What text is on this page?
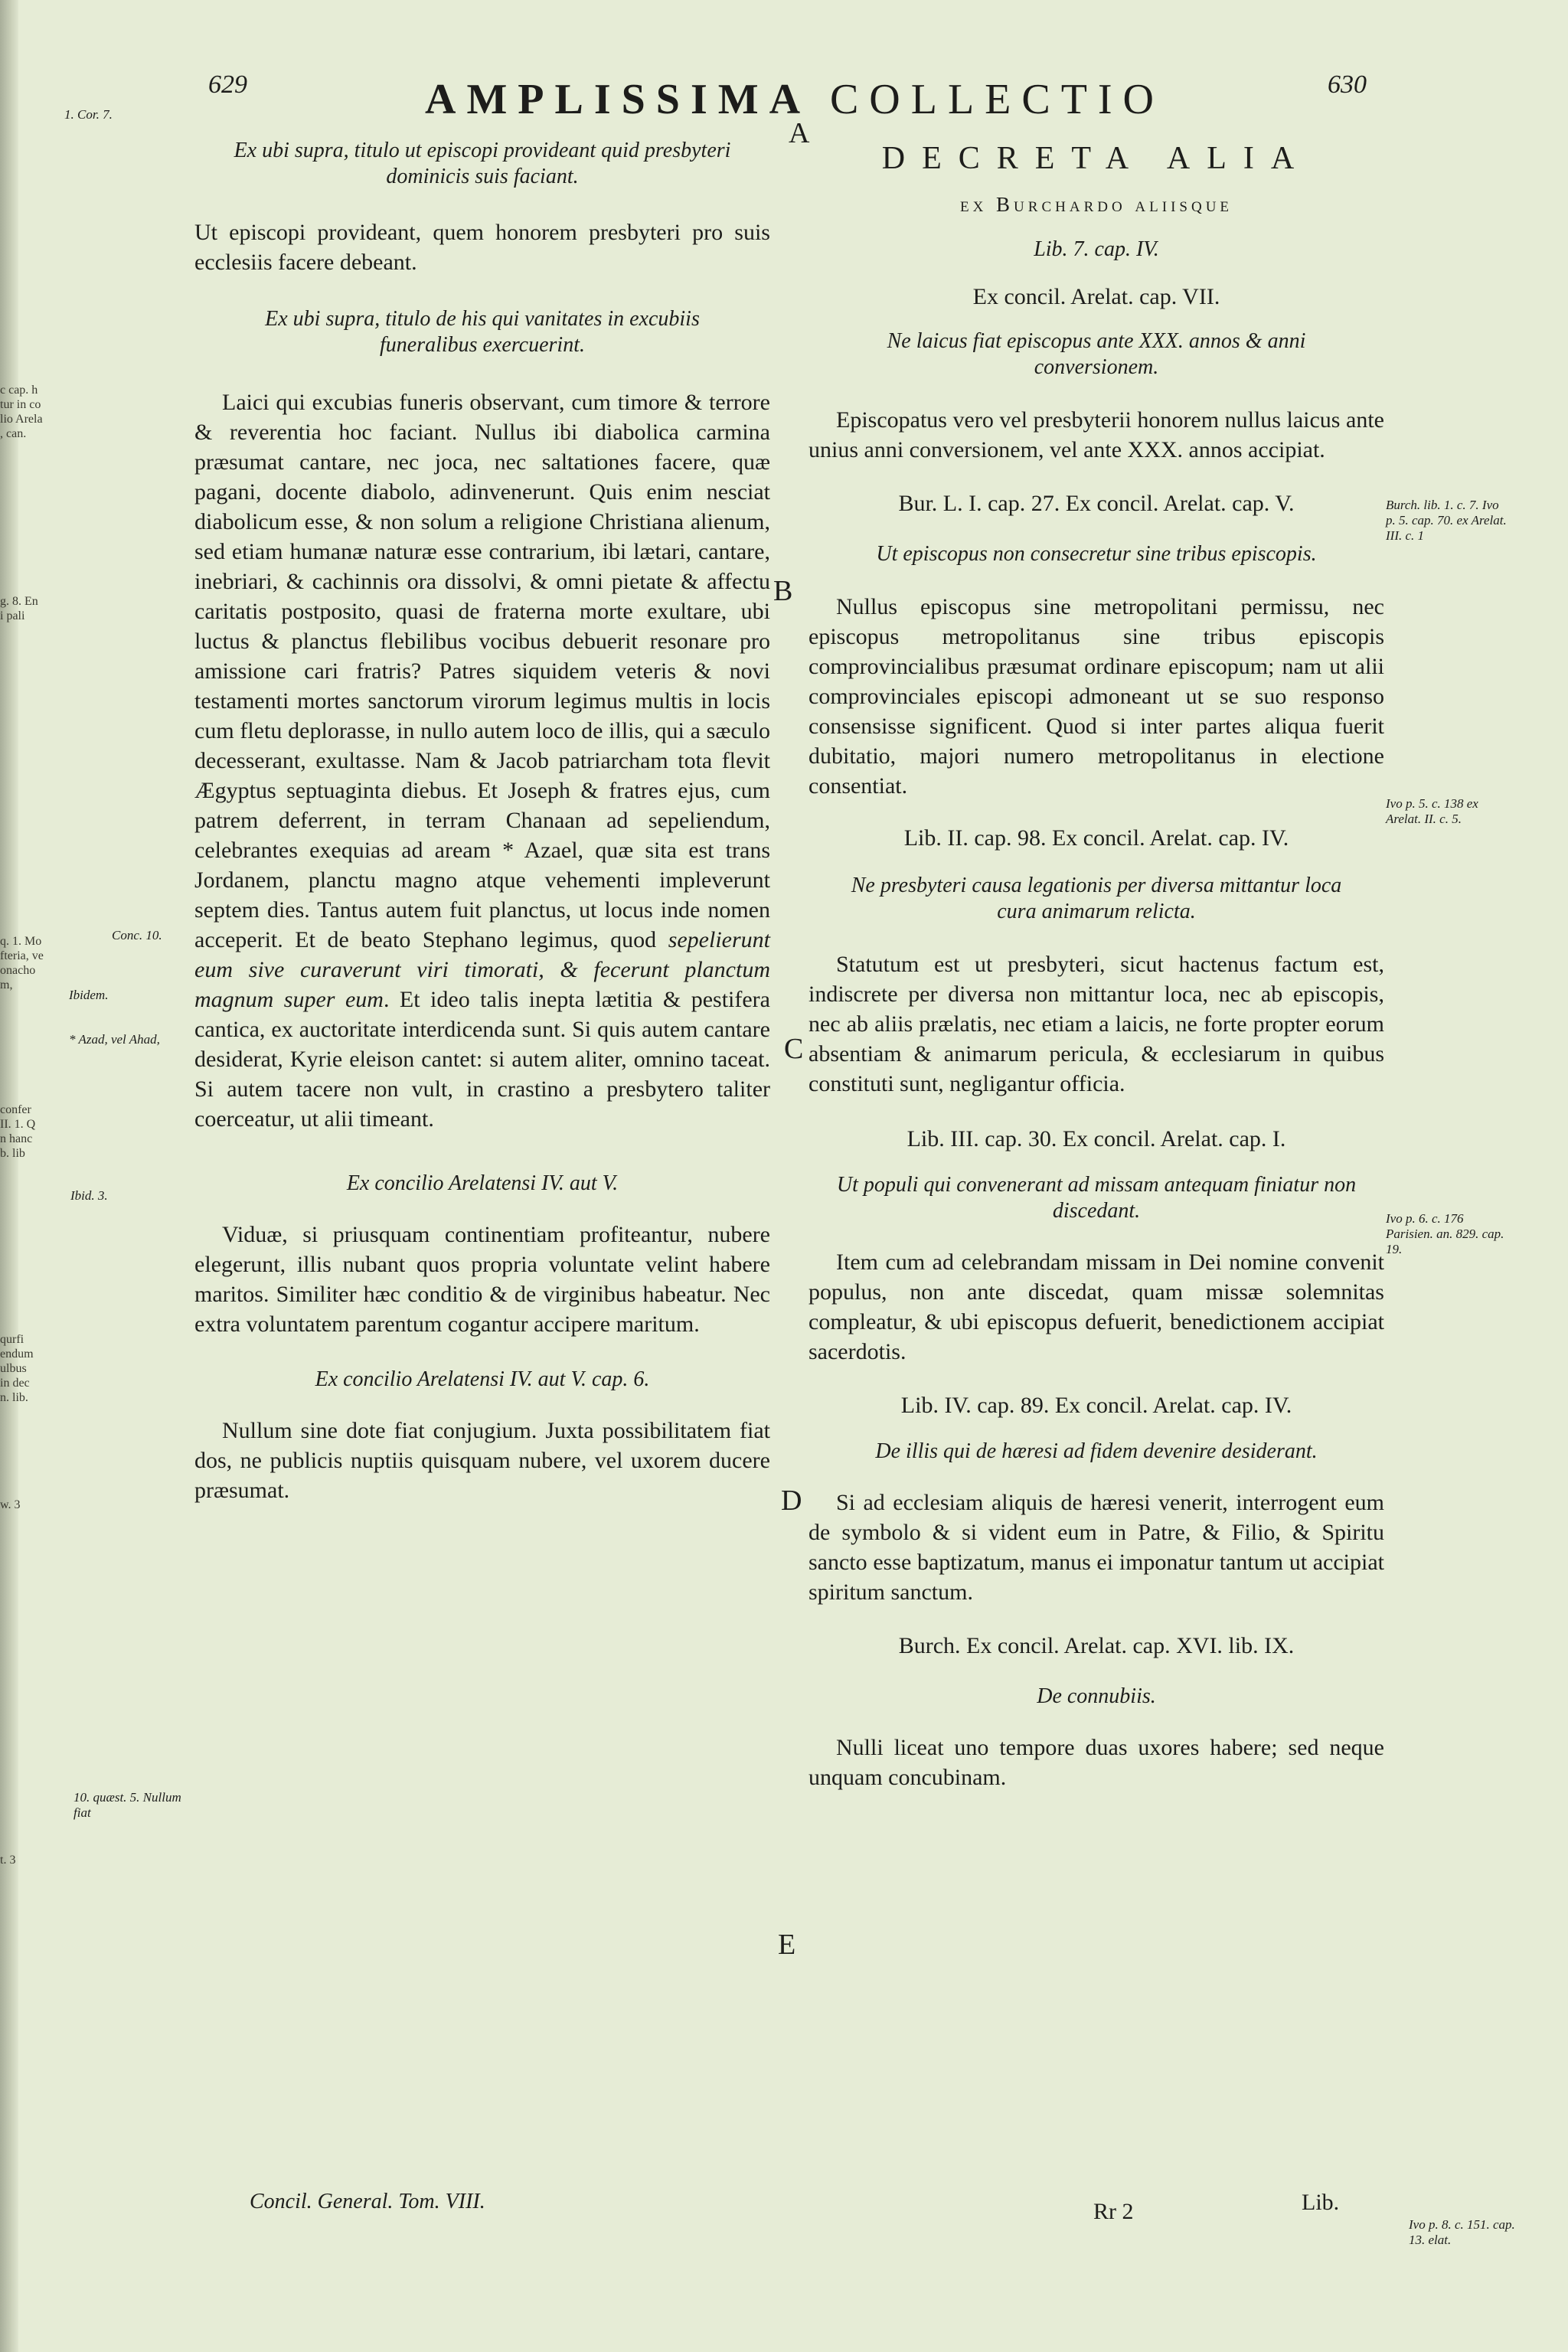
c cap. h
tur in co
lio Arela
, can.
g. 8. En
i pali
q. 1. Mo
fteria, ve
onacho
m,
confer
II. 1. Q
n hanc
b. lib
qurfi
endum
ulbus
in dec
n. lib.
w. 3
t. 3
629	AMPLISSIMA COLLECTIO	630
1. Cor. 7.
Conc. 10.
Ibidem.
* Azad, vel Ahad,
Ibid. 3.
10. quæst. 5. Nullum fiat
A
B
C
D
E
Ex ubi supra, titulo ut episcopi provideant quid presbyteri dominicis suis faciant.

Ut episcopi provideant, quem honorem presbyteri pro suis ecclesiis facere debeant.

Ex ubi supra, titulo de his qui vanitates in excubiis funeralibus exercuerint.

Laici qui excubias funeris observant, cum timore & terrore & reverentia hoc faciant. Nullus ibi diabolica carmina præsumat cantare, nec joca, nec saltationes facere, quæ pagani, docente diabolo, adinvenerunt. Quis enim nesciat diabolicum esse, & non solum a religione Christiana alienum, sed etiam humanæ naturæ esse contrarium, ibi lætari, cantare, inebriari, & cachinnis ora dissolvi, & omni pietate & affectu caritatis postposito, quasi de fraterna morte exultare, ubi luctus & planctus flebilibus vocibus debuerit resonare pro amissione cari fratris? Patres siquidem veteris & novi testamenti mortes sanctorum virorum legimus multis in locis cum fletu deplorasse, in nullo autem loco de illis, qui a sæculo decesserant, exultasse. Nam & Jacob patriarcham tota flevit Ægyptus septuaginta diebus. Et Joseph & fratres ejus, cum patrem deferrent, in terram Chanaan ad sepeliendum, celebrantes exequias ad aream * Azael, quæ sita est trans Jordanem, planctu magno atque vehementi impleverunt septem dies. Tantus autem fuit planctus, ut locus inde nomen acceperit. Et de beato Stephano legimus, quod sepelierunt eum sive curaverunt viri timorati, & fecerunt planctum magnum super eum. Et ideo talis inepta lætitia & pestifera cantica, ex auctoritate interdicenda sunt. Si quis autem cantare desiderat, Kyrie eleison cantet: si autem aliter, omnino taceat. Si autem tacere non vult, in crastino a presbytero taliter coerceatur, ut alii timeant.

Ex concilio Arelatensi IV. aut V.

Viduæ, si priusquam continentiam profiteantur, nubere elegerunt, illis nubant quos propria voluntate velint habere maritos. Similiter hæc conditio & de virginibus habeatur. Nec extra voluntatem parentum cogantur accipere maritum.

Ex concilio Arelatensi IV. aut V. cap. 6.

Nullum sine dote fiat conjugium. Juxta possibilitatem fiat dos, ne publicis nuptiis quisquam nubere, vel uxorem ducere præsumat.

DECRETA ALIA
ex Burchardo aliisque
Lib. 7. cap. IV.
Ex concil. Arelat. cap. VII.
Ne laicus fiat episcopus ante XXX. annos & anni conversionem.

Episcopatus vero vel presbyterii honorem nullus laicus ante unius anni conversionem, vel ante XXX. annos accipiat.

Bur. L. I. cap. 27. Ex concil. Arelat. cap. V.
Ut episcopus non consecretur sine tribus episcopis.

Nullus episcopus sine metropolitani permissu, nec episcopus metropolitanus sine tribus episcopis comprovincialibus præsumat ordinare episcopum; nam ut alii comprovinciales episcopi admoneant ut se suo responso consensisse significent. Quod si inter partes aliqua fuerit dubitatio, majori numero metropolitanus in electione consentiat.

Lib. II. cap. 98. Ex concil. Arelat. cap. IV.
Ne presbyteri causa legationis per diversa mittantur loca cura animarum relicta.

Statutum est ut presbyteri, sicut hactenus factum est, indiscrete per diversa non mittantur loca, nec ab episcopis, nec ab aliis prælatis, nec etiam a laicis, ne forte propter eorum absentiam & animarum pericula, & ecclesiarum in quibus constituti sunt, negligantur officia.

Lib. III. cap. 30. Ex concil. Arelat. cap. I.
Ut populi qui convenerant ad missam antequam finiatur non discedant.

Item cum ad celebrandam missam in Dei nomine convenit populus, non ante discedat, quam missæ solemnitas compleatur, & ubi episcopus defuerit, benedictionem accipiat sacerdotis.

Lib. IV. cap. 89. Ex concil. Arelat. cap. IV.
De illis qui de hæresi ad fidem devenire desiderant.

Si ad ecclesiam aliquis de hæresi venerit, interrogent eum de symbolo & si vident eum in Patre, & Filio, & Spiritu sancto esse baptizatum, manus ei imponatur tantum ut accipiat spiritum sanctum.

Burch. Ex concil. Arelat. cap. XVI. lib. IX.
De connubiis.

Nulli liceat uno tempore duas uxores habere; sed neque unquam concubinam.

Burch. lib. 1. c. 7. Ivo p. 5. cap. 70. ex Arelat. III. c. 1
Ivo p. 5. c. 138 ex Arelat. II. c. 5.
Ivo p. 6. c. 176 Parisien. an. 829. cap. 19.
Ivo p. 8. c. 151. cap. 13. elat.
Concil. General. Tom. VIII.	Rr 2	Lib.
